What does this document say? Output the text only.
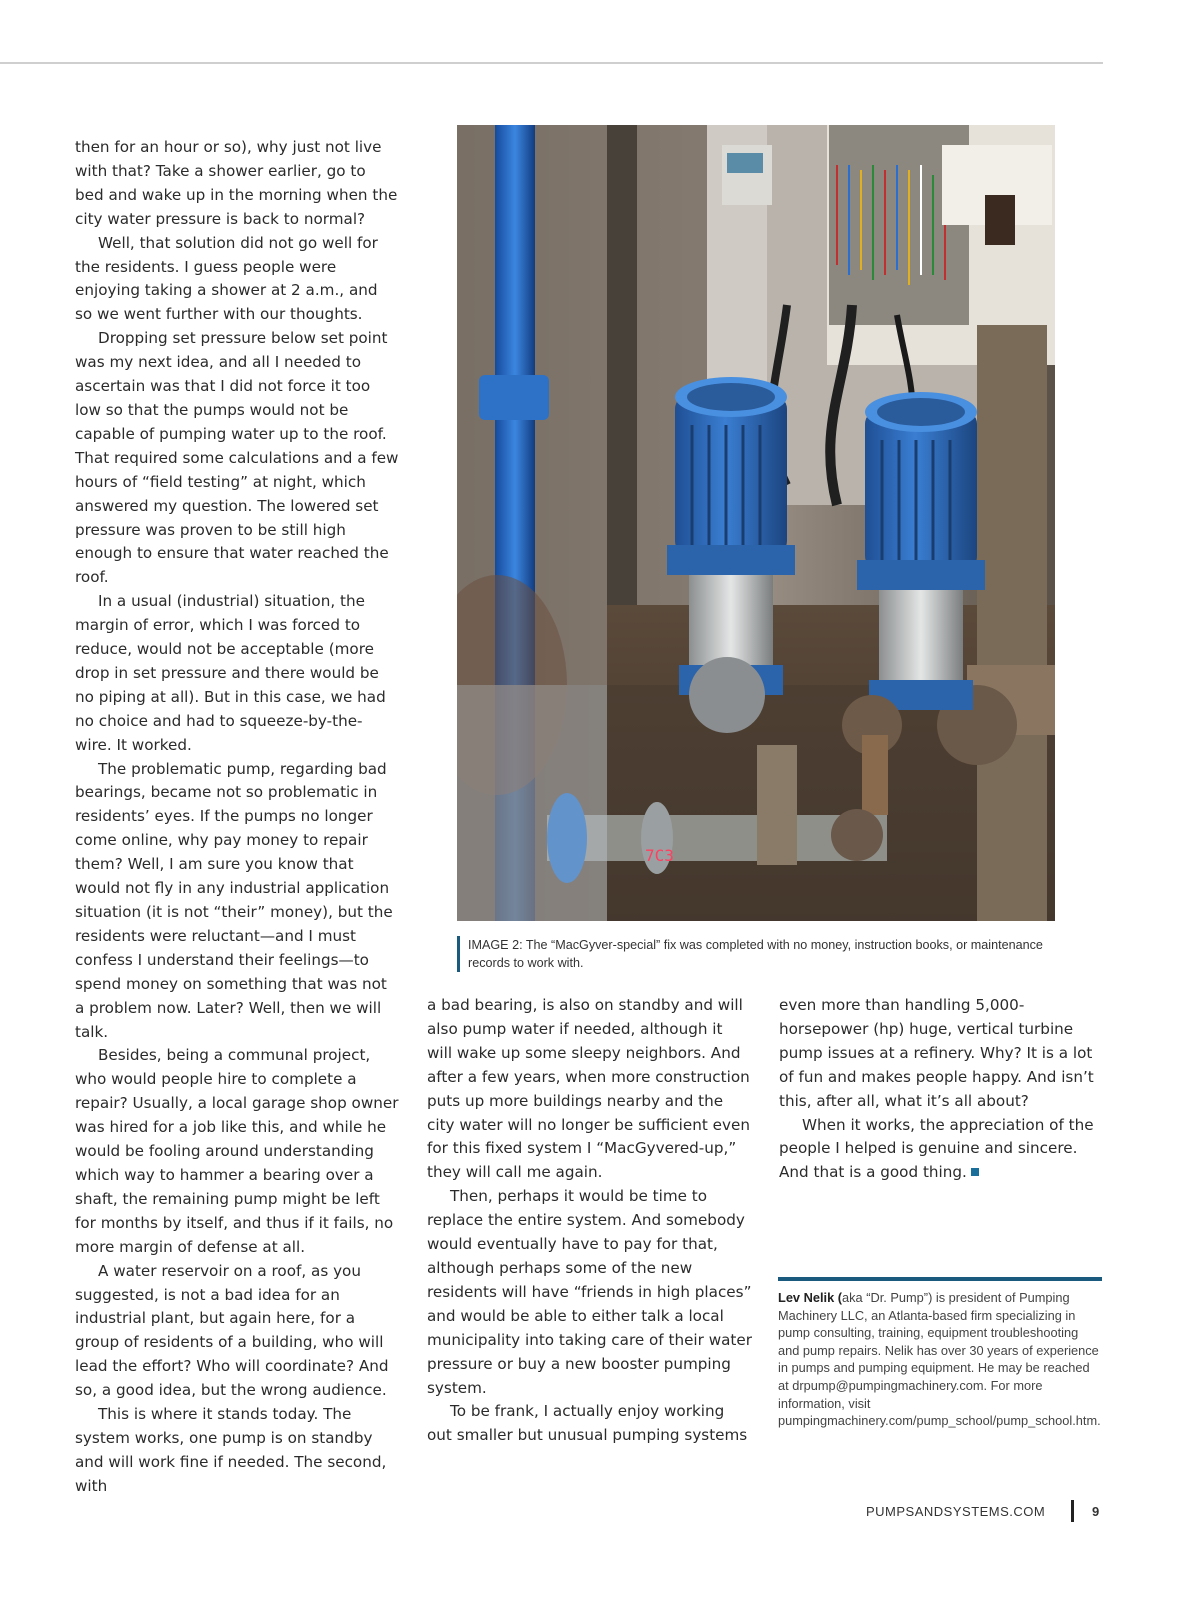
then for an hour or so), why just not live with that? Take a shower earlier, go to bed and wake up in the morning when the city water pressure is back to normal?

Well, that solution did not go well for the residents. I guess people were enjoying taking a shower at 2 a.m., and so we went further with our thoughts.

Dropping set pressure below set point was my next idea, and all I needed to ascertain was that I did not force it too low so that the pumps would not be capable of pumping water up to the roof. That required some calculations and a few hours of “field testing” at night, which answered my question. The lowered set pressure was proven to be still high enough to ensure that water reached the roof.

In a usual (industrial) situation, the margin of error, which I was forced to reduce, would not be acceptable (more drop in set pressure and there would be no piping at all). But in this case, we had no choice and had to squeeze-by-the-wire. It worked.

The problematic pump, regarding bad bearings, became not so problematic in residents’ eyes. If the pumps no longer come online, why pay money to repair them? Well, I am sure you know that would not fly in any industrial application situation (it is not “their” money), but the residents were reluctant—and I must confess I understand their feelings—to spend money on something that was not a problem now. Later? Well, then we will talk.

Besides, being a communal project, who would people hire to complete a repair? Usually, a local garage shop owner was hired for a job like this, and while he would be fooling around understanding which way to hammer a bearing over a shaft, the remaining pump might be left for months by itself, and thus if it fails, no more margin of defense at all.

A water reservoir on a roof, as you suggested, is not a bad idea for an industrial plant, but again here, for a group of residents of a building, who will lead the effort? Who will coordinate? And so, a good idea, but the wrong audience.

This is where it stands today. The system works, one pump is on standby and will work fine if needed. The second, with

7C3
IMAGE 2: The “MacGyver-special” fix was completed with no money, instruction books, or maintenance records to work with.

a bad bearing, is also on standby and will also pump water if needed, although it will wake up some sleepy neighbors. And after a few years, when more construction puts up more buildings nearby and the city water will no longer be sufficient even for this fixed system I “MacGyvered-up,” they will call me again.

Then, perhaps it would be time to replace the entire system. And somebody would eventually have to pay for that, although perhaps some of the new residents will have “friends in high places” and would be able to either talk a local municipality into taking care of their water pressure or buy a new booster pumping system.

To be frank, I actually enjoy working out smaller but unusual pumping systems

even more than handling 5,000-horsepower (hp) huge, vertical turbine pump issues at a refinery. Why? It is a lot of fun and makes people happy. And isn’t this, after all, what it’s all about?

When it works, the appreciation of the people I helped is genuine and sincere. And that is a good thing.

Lev Nelik (aka “Dr. Pump”) is president of Pumping Machinery LLC, an Atlanta-based firm specializing in pump consulting, training, equipment troubleshooting and pump repairs. Nelik has over 30 years of experience in pumps and pumping equipment. He may be reached at drpump@pumpingmachinery.com. For more information, visit pumpingmachinery.com/pump_school/pump_school.htm.
PUMPSANDSYSTEMS.COM	9
